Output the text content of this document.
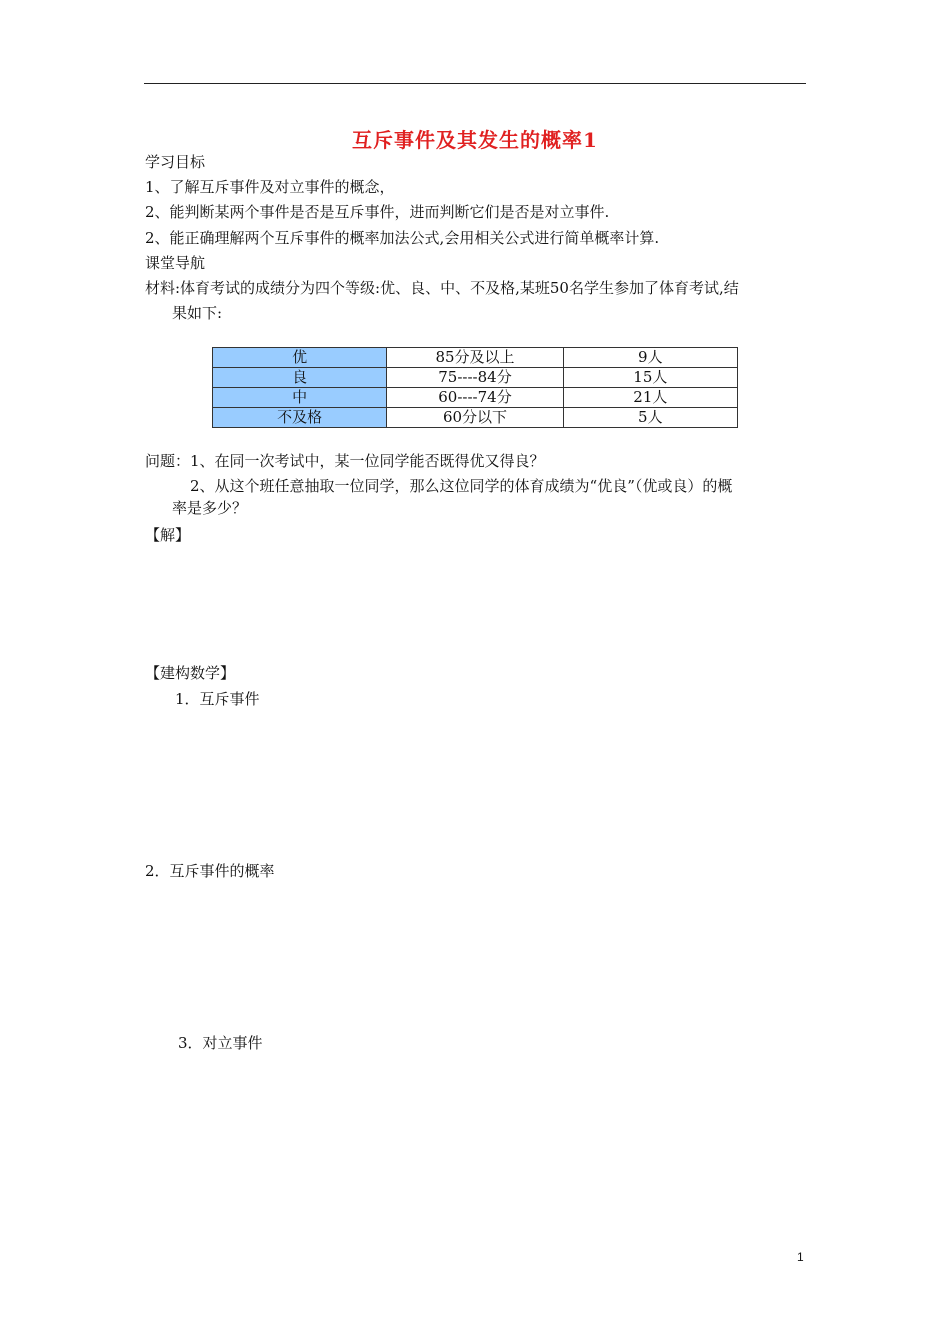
互斥事件及其发生的概率1
学习目标
1、了解互斥事件及对立事件的概念，
2、能判断某两个事件是否是互斥事件，进而判断它们是否是对立事件.
2、能正确理解两个互斥事件的概率加法公式,会用相关公式进行简单概率计算.
课堂导航
材料:体育考试的成绩分为四个等级:优、良、中、不及格,某班50名学生参加了体育考试,结
果如下:
优	85分及以上	9人
良	75----84分	15人
中	60----74分	21人
不及格	60分以下	5人
问题：1、在同一次考试中，某一位同学能否既得优又得良？
2、从这个班任意抽取一位同学，那么这位同学的体育成绩为“优良”（优或良）的概
率是多少？
【解】
【建构数学】
1．互斥事件
2．互斥事件的概率
3．对立事件
1
